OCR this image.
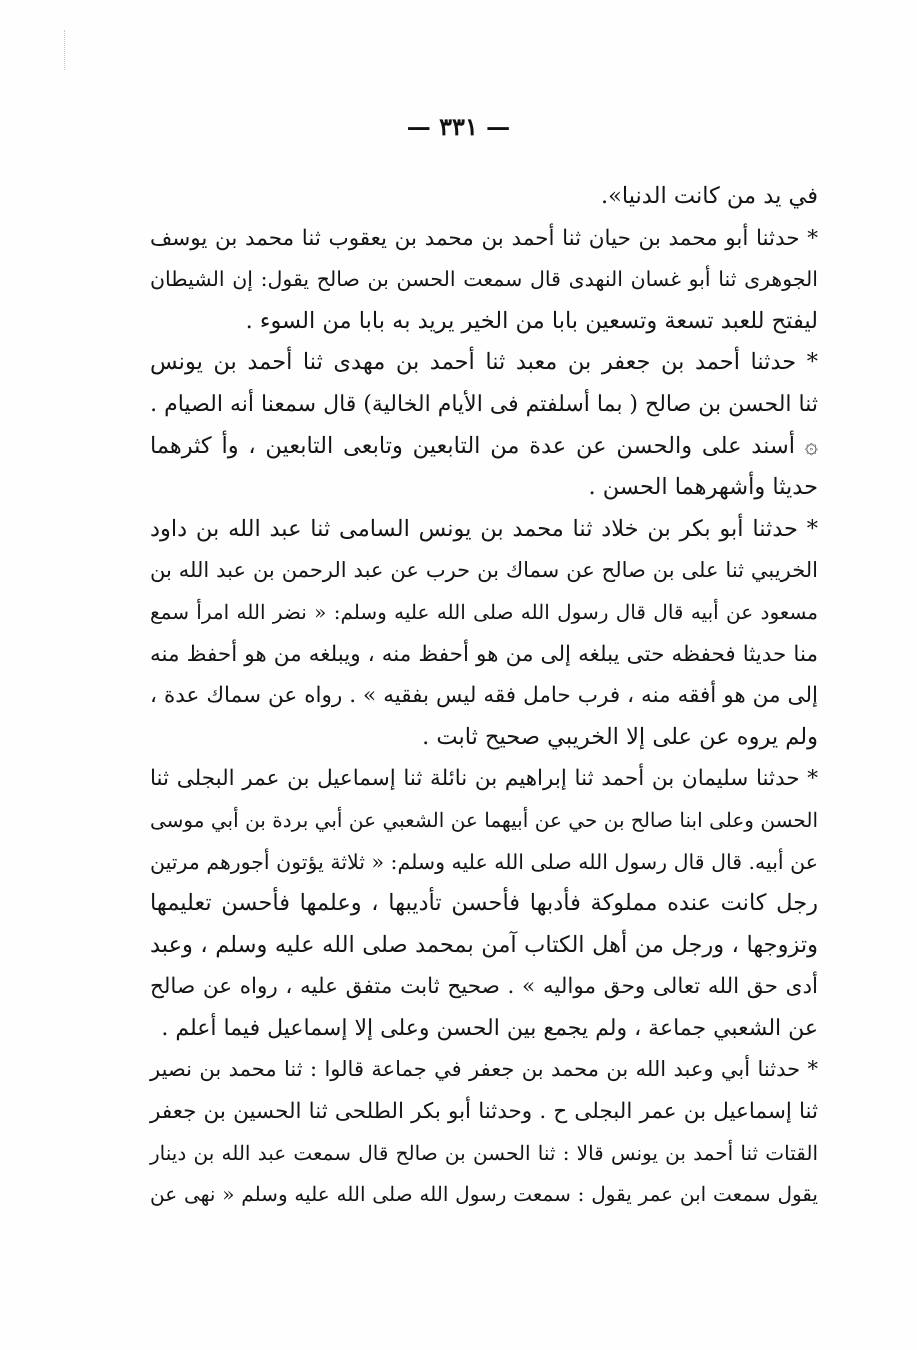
— ٣٣١ —
في يد من كانت الدنيا».
* حدثنا أبو محمد بن حيان ثنا أحمد بن محمد بن يعقوب ثنا محمد بن يوسف
الجوهرى ثنا أبو غسان النهدى قال سمعت الحسن بن صالح يقول: إن الشيطان
ليفتح للعبد تسعة وتسعين بابا من الخير يريد به بابا من السوء .
* حدثنا أحمد بن جعفر بن معبد ثنا أحمد بن مهدى ثنا أحمد بن يونس
ثنا الحسن بن صالح ( بما أسلفتم فى الأيام الخالية) قال سمعنا أنه الصيام .
۞ أسند على والحسن عن عدة من التابعين وتابعى التابعين ، وأ كثرهما
حديثا وأشهرهما الحسن .
* حدثنا أبو بكر بن خلاد ثنا محمد بن يونس السامى ثنا عبد الله بن داود
الخريبي ثنا على بن صالح عن سماك بن حرب عن عبد الرحمن بن عبد الله بن
مسعود عن أبيه قال قال رسول الله صلى الله عليه وسلم: « نضر الله امرأ سمع
منا حديثا فحفظه حتى يبلغه إلى من هو أحفظ منه ، ويبلغه من هو أحفظ منه
إلى من هو أفقه منه ، فرب حامل فقه ليس بفقيه » . رواه عن سماك عدة ،
ولم يروه عن على إلا الخريبي صحيح ثابت .
* حدثنا سليمان بن أحمد ثنا إبراهيم بن نائلة ثنا إسماعيل بن عمر البجلى ثنا
الحسن وعلى ابنا صالح بن حي عن أبيهما عن الشعبي عن أبي بردة بن أبي موسى
عن أبيه. قال قال رسول الله صلى الله عليه وسلم: « ثلاثة يؤتون أجورهم مرتين
رجل كانت عنده مملوكة فأدبها فأحسن تأديبها ، وعلمها فأحسن تعليمها
وتزوجها ، ورجل من أهل الكتاب آمن بمحمد صلى الله عليه وسلم ، وعبد
أدى حق الله تعالى وحق مواليه » . صحيح ثابت متفق عليه ، رواه عن صالح
عن الشعبي جماعة ، ولم يجمع بين الحسن وعلى إلا إسماعيل فيما أعلم .
* حدثنا أبي وعبد الله بن محمد بن جعفر في جماعة قالوا : ثنا محمد بن نصير
ثنا إسماعيل بن عمر البجلى ح . وحدثنا أبو بكر الطلحى ثنا الحسين بن جعفر
القتات ثنا أحمد بن يونس قالا : ثنا الحسن بن صالح قال سمعت عبد الله بن دينار
يقول سمعت ابن عمر يقول : سمعت رسول الله صلى الله عليه وسلم « نهى عن
